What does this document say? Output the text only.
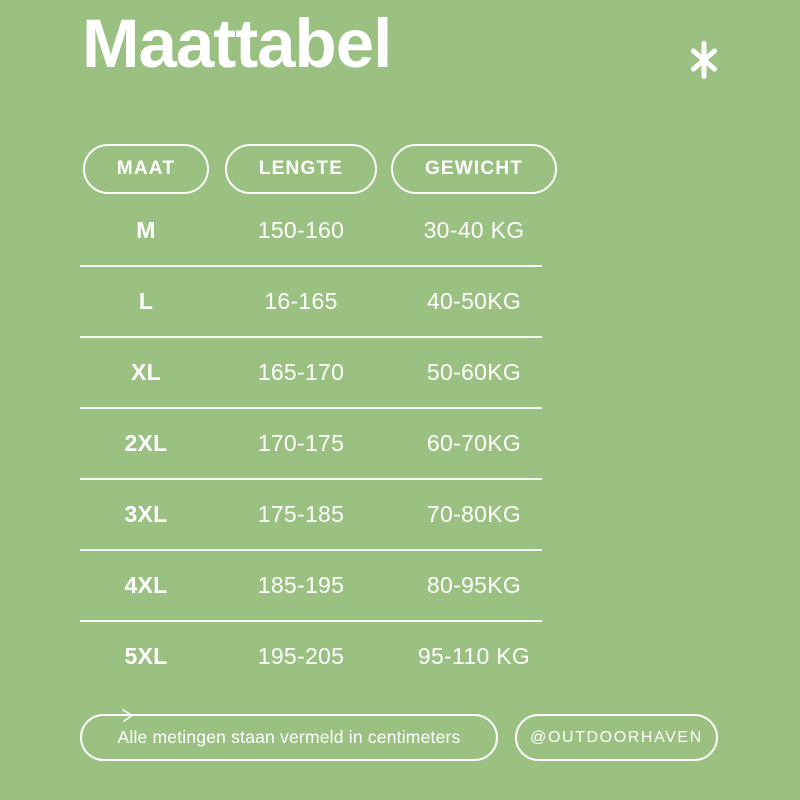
Maattabel
MAAT	LENGTE	GEWICHT
M	150-160	30-40 KG
L	16-165	40-50KG
XL	165-170	50-60KG
2XL	170-175	60-70KG
3XL	175-185	70-80KG
4XL	185-195	80-95KG
5XL	195-205	95-110 KG
Alle metingen staan vermeld in centimeters	@OUTDOORHAVEN
